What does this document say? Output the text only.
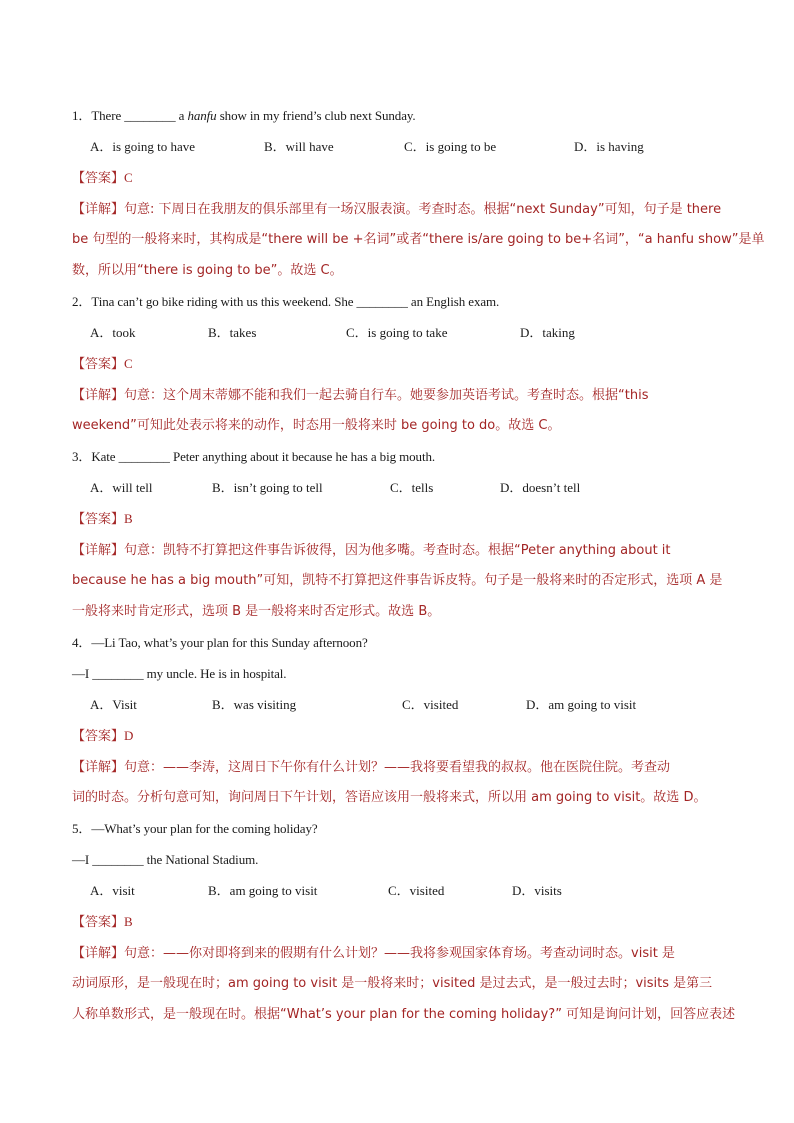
1．There ________ a hanfu show in my friend’s club next Sunday.
A．is going to have	B．will have	C．is going to be	D．is having
【答案】C
【详解】句意: 下周日在我朋友的俱乐部里有一场汉服表演。考查时态。根据“next Sunday”可知，句子是 there
be 句型的一般将来时，其构成是“there will be +名词”或者“there is/are going to be+名词”，“a hanfu show”是单
数，所以用“there is going to be”。故选 C。
2．Tina can’t go bike riding with us this weekend. She ________ an English exam.
A．took	B．takes	C．is going to take	D．taking
【答案】C
【详解】句意：这个周末蒂娜不能和我们一起去骑自行车。她要参加英语考试。考查时态。根据“this
weekend”可知此处表示将来的动作，时态用一般将来时 be going to do。故选 C。
3．Kate ________ Peter anything about it because he has a big mouth.
A．will tell	B．isn’t going to tell	C．tells	D．doesn’t tell
【答案】B
【详解】句意：凯特不打算把这件事告诉彼得，因为他多嘴。考查时态。根据“Peter anything about it
because he has a big mouth”可知，凯特不打算把这件事告诉皮特。句子是一般将来时的否定形式，选项 A 是
一般将来时肯定形式，选项 B 是一般将来时否定形式。故选 B。
4．—Li Tao, what’s your plan for this Sunday afternoon?
—I ________ my uncle. He is in hospital.
A．Visit	B．was visiting	C．visited	D．am going to visit
【答案】D
【详解】句意：——李涛，这周日下午你有什么计划？——我将要看望我的叔叔。他在医院住院。考查动
词的时态。分析句意可知，询问周日下午计划，答语应该用一般将来式，所以用 am going to visit。故选 D。
5．—What’s your plan for the coming holiday?
—I ________ the National Stadium.
A．visit	B．am going to visit	C．visited	D．visits
【答案】B
【详解】句意：——你对即将到来的假期有什么计划？——我将参观国家体育场。考查动词时态。visit 是
动词原形，是一般现在时；am going to visit 是一般将来时；visited 是过去式，是一般过去时；visits 是第三
人称单数形式，是一般现在时。根据“What’s your plan for the coming holiday?” 可知是询问计划，回答应表述
